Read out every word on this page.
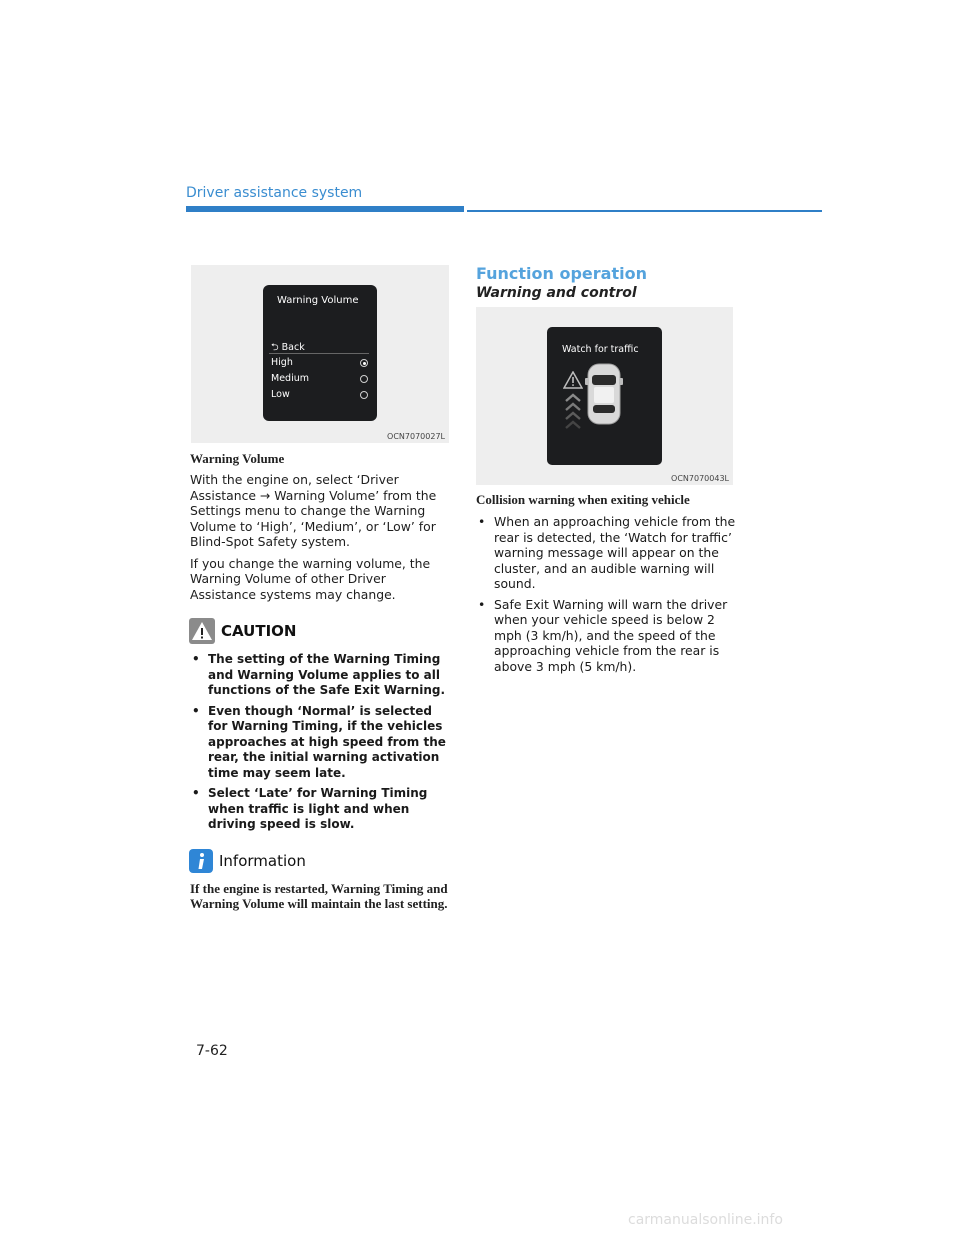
Driver assistance system
Warning Volume
⮌ Back
High
Medium
Low
OCN7070027L
Warning Volume

With the engine on, select ‘Driver Assistance → Warning Volume’ from the Settings menu to change the Warning Volume to ‘High’, ‘Medium’, or ‘Low’ for Blind-Spot Safety system.

If you change the warning volume, the Warning Volume of other Driver Assistance systems may change.

CAUTION
• The setting of the Warning Timing and Warning Volume applies to all functions of the Safe Exit Warning.
• Even though ‘Normal’ is selected for Warning Timing, if the vehicles approaches at high speed from the rear, the initial warning activation time may seem late.
• Select ‘Late’ for Warning Timing when traffic is light and when driving speed is slow.
Information
If the engine is restarted, Warning Timing and Warning Volume will maintain the last setting.
Function operation
Warning and control
Watch for traffic
OCN7070043L
Collision warning when exiting vehicle
• When an approaching vehicle from the rear is detected, the ‘Watch for traffic’ warning message will appear on the cluster, and an audible warning will sound.
• Safe Exit Warning will warn the driver when your vehicle speed is below 2 mph (3 km/h), and the speed of the approaching vehicle from the rear is above 3 mph (5 km/h).
7-62
carmanualsonline.info
